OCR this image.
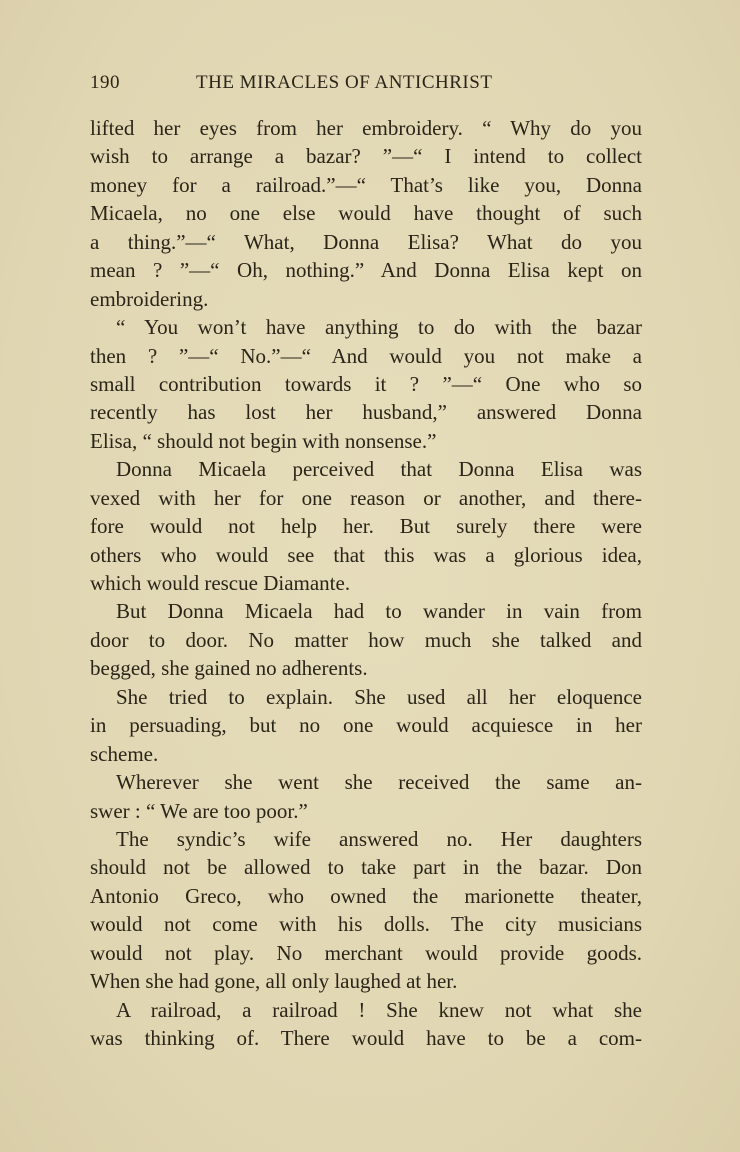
190	THE MIRACLES OF ANTICHRIST
lifted her eyes from her embroidery. “ Why do you
wish to arrange a bazar? ”—“ I intend to collect
money for a railroad.”—“ That’s like you, Donna
Micaela, no one else would have thought of such
a thing.”—“ What, Donna Elisa? What do you
mean ? ”—“ Oh, nothing.” And Donna Elisa kept on
embroidering.
“ You won’t have anything to do with the bazar
then ? ”—“ No.”—“ And would you not make a
small contribution towards it ? ”—“ One who so
recently has lost her husband,” answered Donna
Elisa, “ should not begin with nonsense.”
Donna Micaela perceived that Donna Elisa was
vexed with her for one reason or another, and there-
fore would not help her. But surely there were
others who would see that this was a glorious idea,
which would rescue Diamante.
But Donna Micaela had to wander in vain from
door to door. No matter how much she talked and
begged, she gained no adherents.
She tried to explain. She used all her eloquence
in persuading, but no one would acquiesce in her
scheme.
Wherever she went she received the same an-
swer : “ We are too poor.”
The syndic’s wife answered no. Her daughters
should not be allowed to take part in the bazar. Don
Antonio Greco, who owned the marionette theater,
would not come with his dolls. The city musicians
would not play. No merchant would provide goods.
When she had gone, all only laughed at her.
A railroad, a railroad ! She knew not what she
was thinking of. There would have to be a com-
